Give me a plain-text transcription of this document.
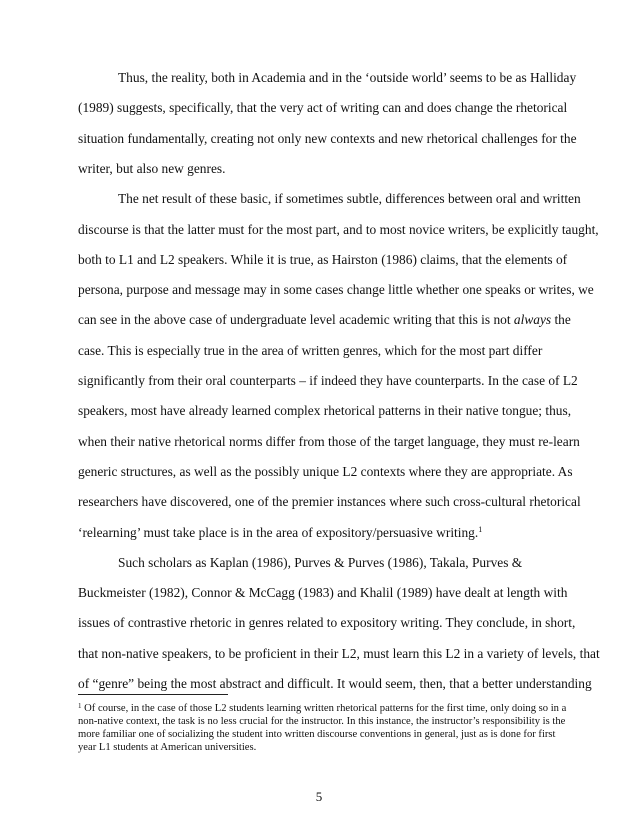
Thus, the reality, both in Academia and in the ‘outside world’ seems to be as Halliday
(1989) suggests, specifically, that the very act of writing can and does change the rhetorical
situation fundamentally, creating not only new contexts and new rhetorical challenges for the
writer, but also new genres.
The net result of these basic, if sometimes subtle, differences between oral and written
discourse is that the latter must for the most part, and to most novice writers, be explicitly taught,
both to L1 and L2 speakers. While it is true, as Hairston (1986) claims, that the elements of
persona, purpose and message may in some cases change little whether one speaks or writes, we
can see in the above case of undergraduate level academic writing that this is not always the
case. This is especially true in the area of written genres, which for the most part differ
significantly from their oral counterparts – if indeed they have counterparts. In the case of L2
speakers, most have already learned complex rhetorical patterns in their native tongue; thus,
when their native rhetorical norms differ from those of the target language, they must re-learn
generic structures, as well as the possibly unique L2 contexts where they are appropriate. As
researchers have discovered, one of the premier instances where such cross-cultural rhetorical
‘relearning’ must take place is in the area of expository/persuasive writing.$^1$
Such scholars as Kaplan (1986), Purves & Purves (1986), Takala, Purves &
Buckmeister (1982), Connor & McCagg (1983) and Khalil (1989) have dealt at length with
issues of contrastive rhetoric in genres related to expository writing. They conclude, in short,
that non-native speakers, to be proficient in their L2, must learn this L2 in a variety of levels, that
of “genre” being the most abstract and difficult. It would seem, then, that a better understanding
$^1$ Of course, in the case of those L2 students learning written rhetorical patterns for the first time, only doing so in a
non-native context, the task is no less crucial for the instructor. In this instance, the instructor’s responsibility is the
more familiar one of socializing the student into written discourse conventions in general, just as is done for first
year L1 students at American universities.
5
